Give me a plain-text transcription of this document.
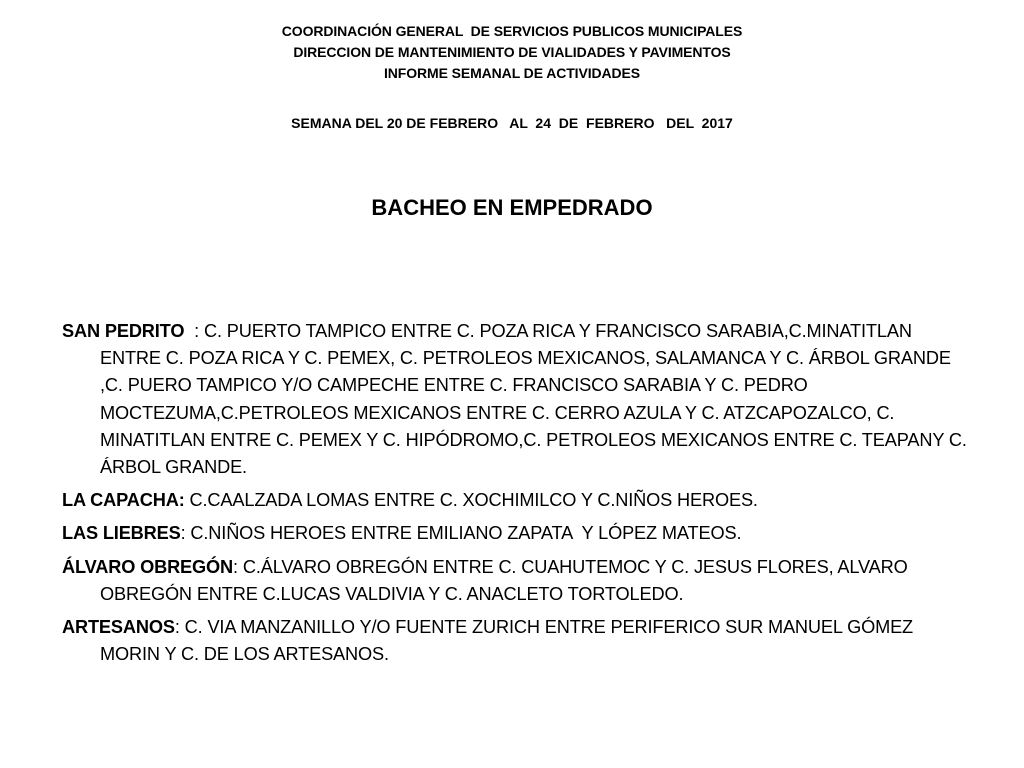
COORDINACIÓN GENERAL  DE SERVICIOS PUBLICOS MUNICIPALES
DIRECCION DE MANTENIMIENTO DE VIALIDADES Y PAVIMENTOS
INFORME SEMANAL DE ACTIVIDADES
SEMANA DEL 20 DE FEBRERO   AL  24  DE  FEBRERO   DEL  2017
BACHEO EN EMPEDRADO

SAN PEDRITO  : C. PUERTO TAMPICO ENTRE C. POZA RICA Y FRANCISCO SARABIA,C.MINATITLAN ENTRE C. POZA RICA Y C. PEMEX, C. PETROLEOS MEXICANOS, SALAMANCA Y C. ÁRBOL GRANDE ,C. PUERO TAMPICO Y/O CAMPECHE ENTRE C. FRANCISCO SARABIA Y C. PEDRO MOCTEZUMA,C.PETROLEOS MEXICANOS ENTRE C. CERRO AZULA Y C. ATZCAPOZALCO, C. MINATITLAN ENTRE C. PEMEX Y C. HIPÓDROMO,C. PETROLEOS MEXICANOS ENTRE C. TEAPANY C. ÁRBOL GRANDE.

LA CAPACHA: C.CAALZADA LOMAS ENTRE C. XOCHIMILCO Y C.NIÑOS HEROES.

LAS LIEBRES: C.NIÑOS HEROES ENTRE EMILIANO ZAPATA  Y LÓPEZ MATEOS.

ÁLVARO OBREGÓN: C.ÁLVARO OBREGÓN ENTRE C. CUAHUTEMOC Y C. JESUS FLORES, ALVARO OBREGÓN ENTRE C.LUCAS VALDIVIA Y C. ANACLETO TORTOLEDO.

ARTESANOS: C. VIA MANZANILLO Y/O FUENTE ZURICH ENTRE PERIFERICO SUR MANUEL GÓMEZ MORIN Y C. DE LOS ARTESANOS.
